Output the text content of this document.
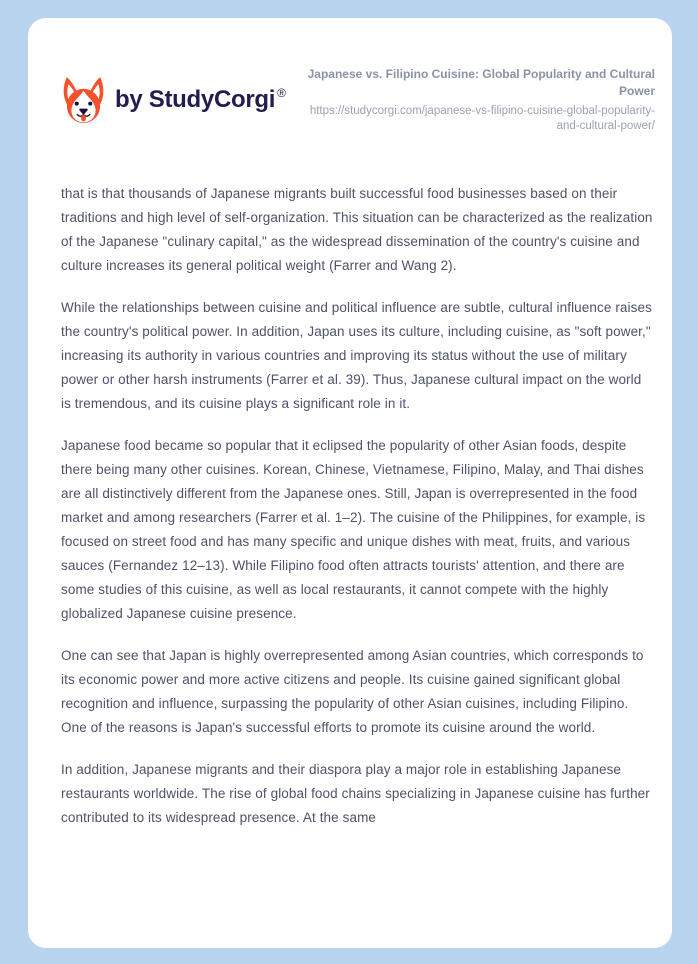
by StudyCorgi ®
Japanese vs. Filipino Cuisine: Global Popularity and Cultural Power
https://studycorgi.com/japanese-vs-filipino-cuisine-global-popularity-and-cultural-power/

that is that thousands of Japanese migrants built successful food businesses based on their traditions and high level of self-organization. This situation can be characterized as the realization of the Japanese "culinary capital," as the widespread dissemination of the country's cuisine and culture increases its general political weight (Farrer and Wang 2).

While the relationships between cuisine and political influence are subtle, cultural influence raises the country's political power. In addition, Japan uses its culture, including cuisine, as "soft power," increasing its authority in various countries and improving its status without the use of military power or other harsh instruments (Farrer et al. 39). Thus, Japanese cultural impact on the world is tremendous, and its cuisine plays a significant role in it.

Japanese food became so popular that it eclipsed the popularity of other Asian foods, despite there being many other cuisines. Korean, Chinese, Vietnamese, Filipino, Malay, and Thai dishes are all distinctively different from the Japanese ones. Still, Japan is overrepresented in the food market and among researchers (Farrer et al. 1–2). The cuisine of the Philippines, for example, is focused on street food and has many specific and unique dishes with meat, fruits, and various sauces (Fernandez 12–13). While Filipino food often attracts tourists' attention, and there are some studies of this cuisine, as well as local restaurants, it cannot compete with the highly globalized Japanese cuisine presence.

One can see that Japan is highly overrepresented among Asian countries, which corresponds to its economic power and more active citizens and people. Its cuisine gained significant global recognition and influence, surpassing the popularity of other Asian cuisines, including Filipino. One of the reasons is Japan's successful efforts to promote its cuisine around the world.

In addition, Japanese migrants and their diaspora play a major role in establishing Japanese restaurants worldwide. The rise of global food chains specializing in Japanese cuisine has further contributed to its widespread presence. At the same
